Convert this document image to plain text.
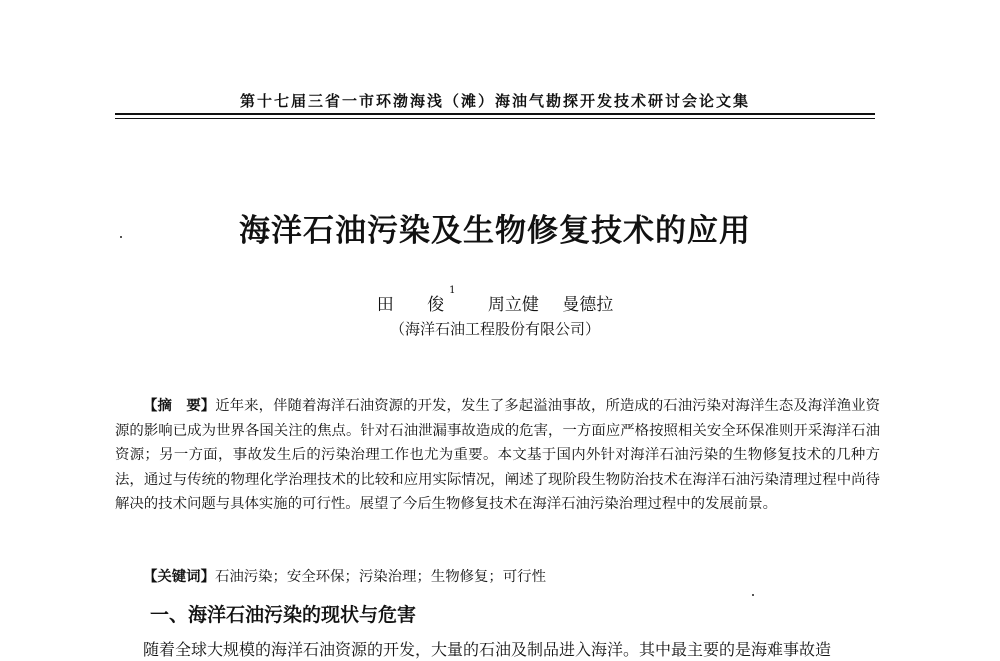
第十七届三省一市环渤海浅（滩）海油气勘探开发技术研讨会论文集
海洋石油污染及生物修复技术的应用
田 俊$^1$ 周立健 曼德拉
（海洋石油工程股份有限公司）
【摘　要】近年来，伴随着海洋石油资源的开发，发生了多起溢油事故，所造成的石油污染对海洋生态及海洋渔业资源的影响已成为世界各国关注的焦点。针对石油泄漏事故造成的危害，一方面应严格按照相关安全环保准则开采海洋石油资源；另一方面，事故发生后的污染治理工作也尤为重要。本文基于国内外针对海洋石油污染的生物修复技术的几种方法，通过与传统的物理化学治理技术的比较和应用实际情况，阐述了现阶段生物防治技术在海洋石油污染清理过程中尚待解决的技术问题与具体实施的可行性。展望了今后生物修复技术在海洋石油污染治理过程中的发展前景。
【关键词】石油污染；安全环保；污染治理；生物修复；可行性
一、海洋石油污染的现状与危害
随着全球大规模的海洋石油资源的开发，大量的石油及制品进入海洋。其中最主要的是海难事故造
